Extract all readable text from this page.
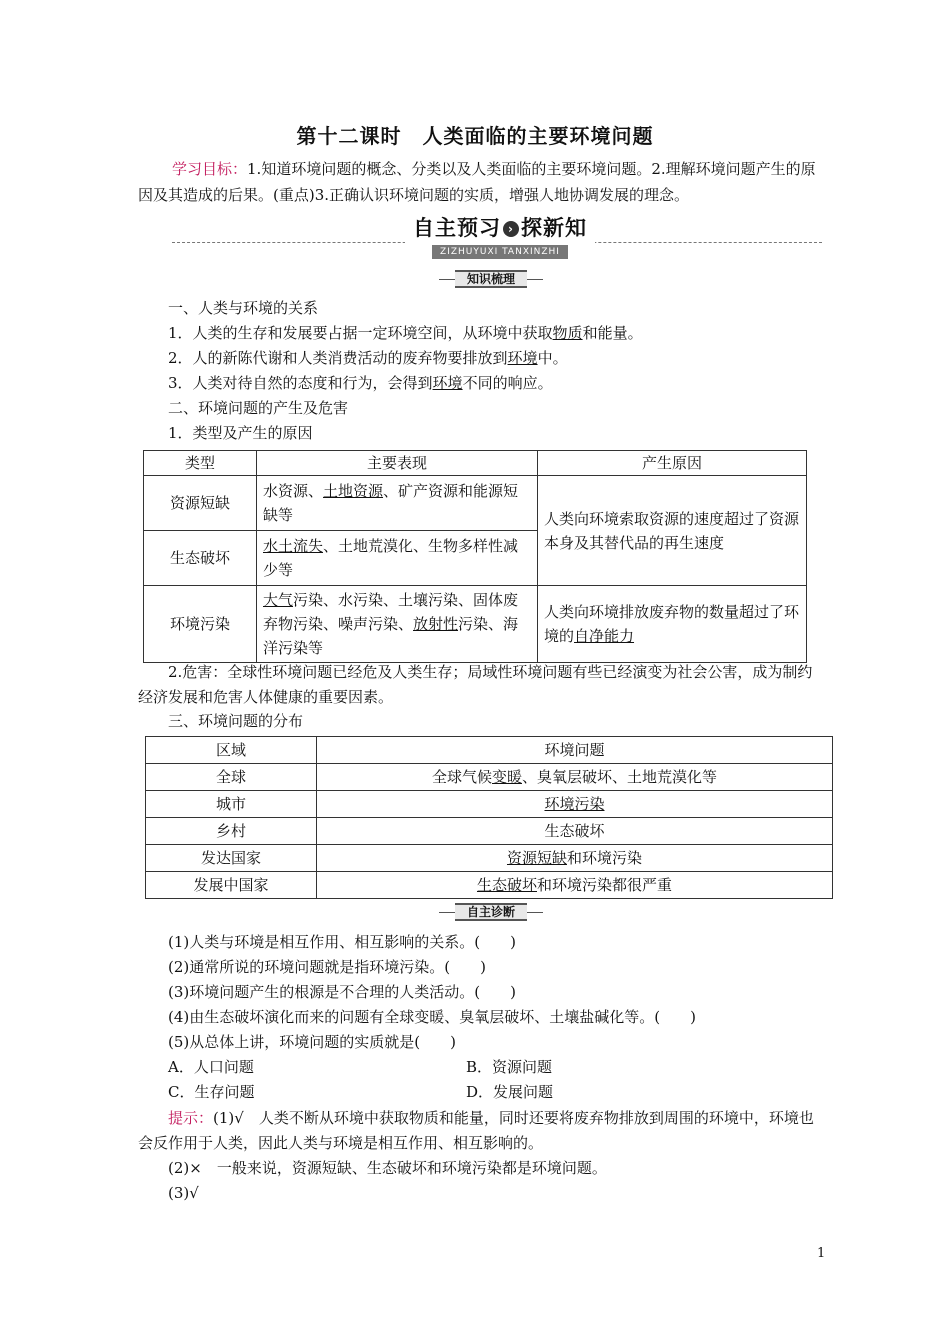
第十二课时　人类面临的主要环境问题
学习目标：1.知道环境问题的概念、分类以及人类面临的主要环境问题。2.理解环境问题产生的原因及其造成的后果。(重点)3.正确认识环境问题的实质，增强人地协调发展的理念。
自主预习 › 探新知
ZIZHUYUXI TANXINZHI
知识梳理
一、人类与环境的关系
1．人类的生存和发展要占据一定环境空间，从环境中获取物质和能量。
2．人的新陈代谢和人类消费活动的废弃物要排放到环境中。
3．人类对待自然的态度和行为，会得到环境不同的响应。
二、环境问题的产生及危害
1．类型及产生的原因
类型	主要表现	产生原因
资源短缺	水资源、土地资源、矿产资源和能源短缺等	人类向环境索取资源的速度超过了资源本身及其替代品的再生速度
生态破坏	水土流失、土地荒漠化、生物多样性减少等	
环境污染	大气污染、水污染、土壤污染、固体废弃物污染、噪声污染、放射性污染、海洋污染等	人类向环境排放废弃物的数量超过了环境的自净能力
2.危害：全球性环境问题已经危及人类生存；局域性环境问题有些已经演变为社会公害，成为制约经济发展和危害人体健康的重要因素。
三、环境问题的分布
区域	环境问题
全球	全球气候变暖、臭氧层破坏、土地荒漠化等
城市	环境污染
乡村	生态破坏
发达国家	资源短缺和环境污染
发展中国家	生态破坏和环境污染都很严重
自主诊断
(1)人类与环境是相互作用、相互影响的关系。(　　)
(2)通常所说的环境问题就是指环境污染。(　　)
(3)环境问题产生的根源是不合理的人类活动。(　　)
(4)由生态破坏演化而来的问题有全球变暖、臭氧层破坏、土壤盐碱化等。(　　)
(5)从总体上讲，环境问题的实质就是(　　)
A．人口问题	B．资源问题
C．生存问题	D．发展问题
提示：(1)√　人类不断从环境中获取物质和能量，同时还要将废弃物排放到周围的环境中，环境也会反作用于人类，因此人类与环境是相互作用、相互影响的。
(2)×　一般来说，资源短缺、生态破坏和环境污染都是环境问题。
(3)√
1
